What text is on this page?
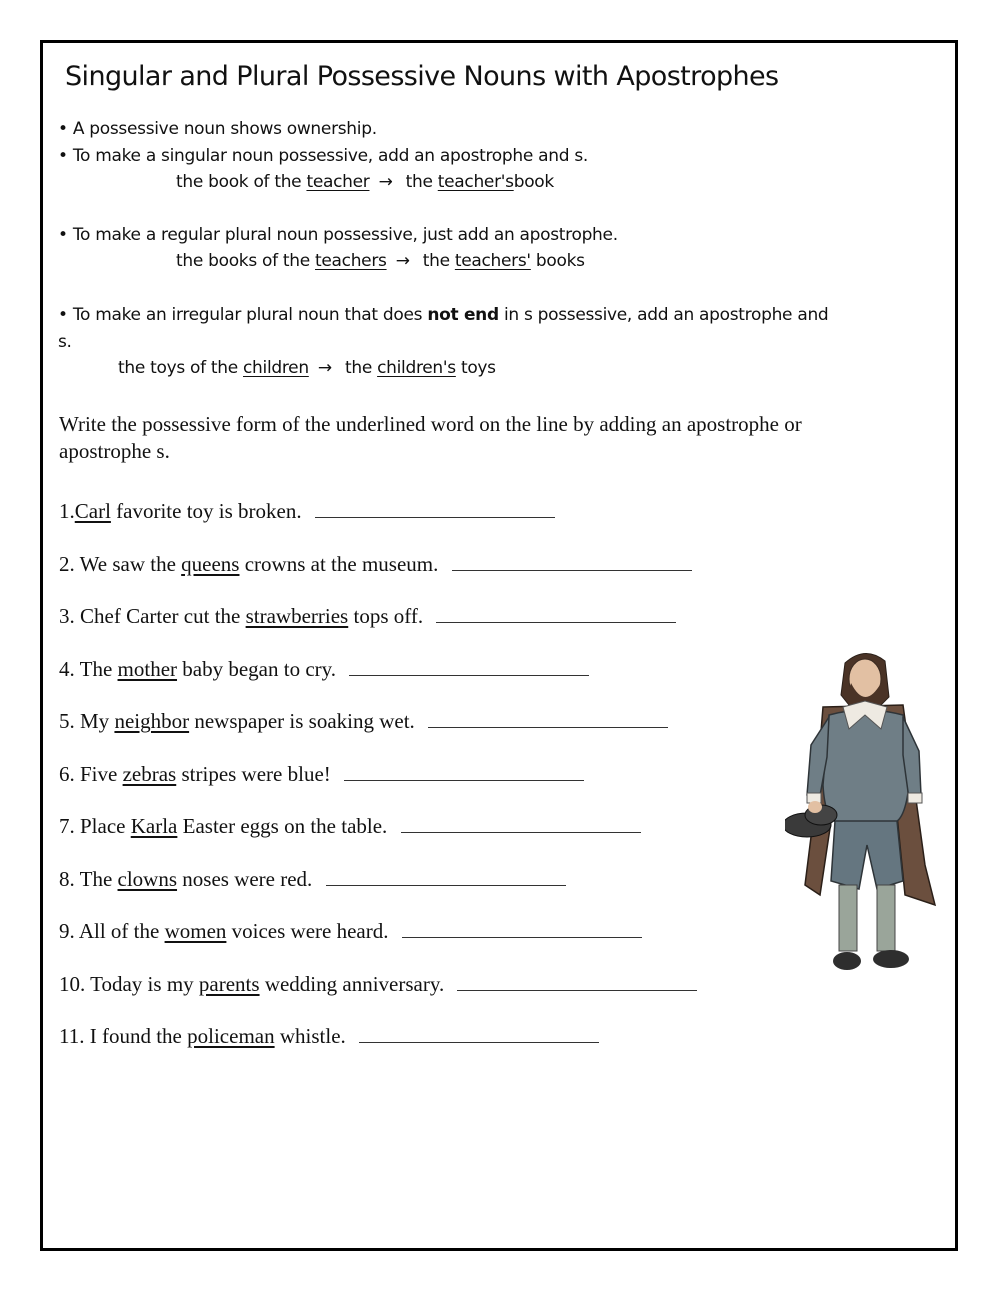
Singular and Plural Possessive Nouns with Apostrophes
• A possessive noun shows ownership.
• To make a singular noun possessive, add an apostrophe and s.
the book of the teacher → the teacher'sbook
• To make a regular plural noun possessive, just add an apostrophe.
the books of the teachers → the teachers' books
• To make an irregular plural noun that does not end in s possessive, add an apostrophe and
s.
the toys of the children → the children's toys
Write the possessive form of the underlined word on the line by adding an apostrophe or apostrophe s.
1.Carl favorite toy is broken.
2. We saw the queens crowns at the museum.
3. Chef Carter cut the strawberries tops off.
4. The mother baby began to cry.
5. My neighbor newspaper is soaking wet.
6. Five zebras stripes were blue!
7. Place Karla Easter eggs on the table.
8. The clowns noses were red.
9. All of the women voices were heard.
10. Today is my parents wedding anniversary.
11. I found the policeman whistle.
